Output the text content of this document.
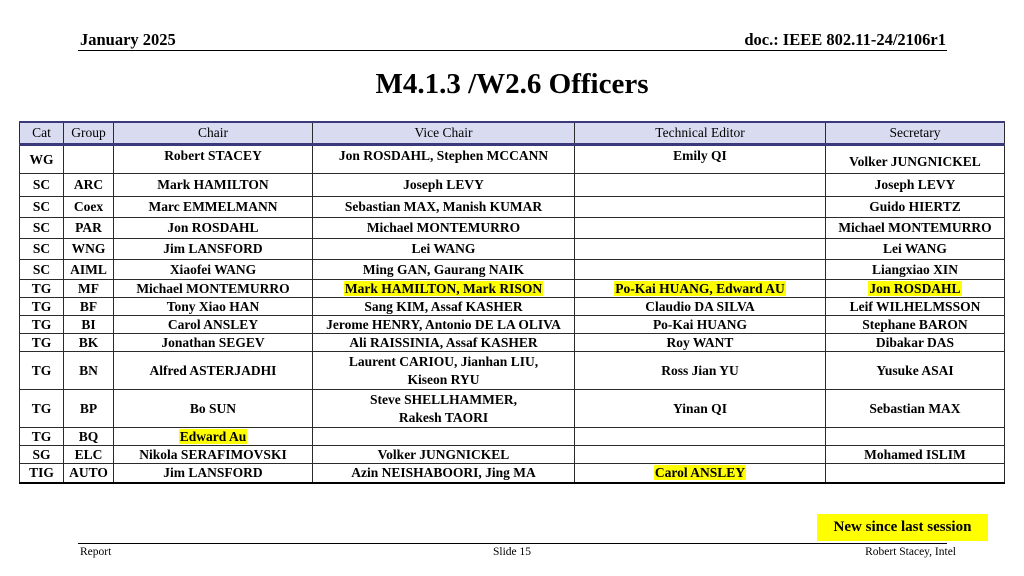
January 2025	doc.: IEEE 802.11-24/2106r1
M4.1.3 /W2.6 Officers
Cat	Group	Chair	Vice Chair	Technical Editor	Secretary
WG		Robert STACEY	Jon ROSDAHL, Stephen MCCANN	Emily QI	Volker JUNGNICKEL
SC	ARC	Mark HAMILTON	Joseph LEVY		Joseph LEVY
SC	Coex	Marc EMMELMANN	Sebastian MAX, Manish KUMAR		Guido HIERTZ
SC	PAR	Jon ROSDAHL	Michael MONTEMURRO		Michael MONTEMURRO
SC	WNG	Jim LANSFORD	Lei WANG		Lei WANG
SC	AIML	Xiaofei WANG	Ming GAN, Gaurang NAIK		Liangxiao XIN
TG	MF	Michael MONTEMURRO	Mark HAMILTON, Mark RISON	Po-Kai HUANG, Edward AU	Jon ROSDAHL
TG	BF	Tony Xiao HAN	Sang KIM, Assaf KASHER	Claudio DA SILVA	Leif WILHELMSSON
TG	BI	Carol ANSLEY	Jerome HENRY, Antonio DE LA OLIVA	Po-Kai HUANG	Stephane BARON
TG	BK	Jonathan SEGEV	Ali RAISSINIA, Assaf KASHER	Roy WANT	Dibakar DAS
TG	BN	Alfred ASTERJADHI	Laurent CARIOU, Jianhan LIU,
Kiseon RYU	Ross Jian YU	Yusuke ASAI
TG	BP	Bo SUN	Steve SHELLHAMMER,
Rakesh TAORI	Yinan QI	Sebastian MAX
TG	BQ	Edward Au			
SG	ELC	Nikola SERAFIMOVSKI	Volker JUNGNICKEL		Mohamed ISLIM
TIG	AUTO	Jim LANSFORD	Azin NEISHABOORI, Jing MA	Carol ANSLEY	
New since last session
Report	Slide 15	Robert Stacey, Intel
